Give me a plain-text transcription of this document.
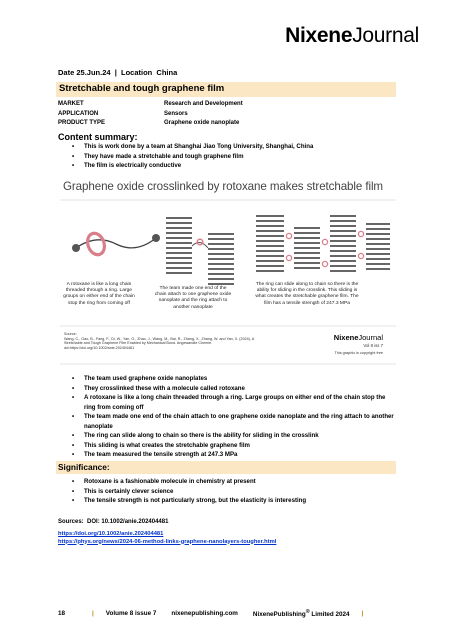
NixeneJournal
Date 25.Jun.24 | Location China
Stretchable and tough graphene film
MARKET	Research and Development
APPLICATION	Sensors
PRODUCT TYPE	Graphene oxide nanoplate
Content summary:
• This is work done by a team at Shanghai Jiao Tong University, Shanghai, China
• They have made a stretchable and tough graphene film
• The film is electrically conductive
Graphene oxide crosslinked by rotoxane makes stretchable film
A rotoxane is like a long chain threaded through a ring. Large groups on either end of the chain stop the ring from coming off
The team made one end of the chain attach to one graphene oxide nanoplate and the ring attach to another nanoplate
The ring can slide along to chain so there is the ability for sliding in the crosslink. This sliding is what creates the stretchable graphene film. The film has a tensile strength of 247.3 MPa
Source:
Wang, C., Gao, B., Fang, F., Di, W., Yan, G., Zhao, J., Wang, M., Bai, R., Zhang, X., Zhang, W. and Yan, X. (2024). A Stretchable and Tough Graphene Film Enabled by Mechanical Bond. Angewandte Chemie. doi:https://doi.org/10.1002/anie.202404481
NixeneJournal
Vol 8 iss 7
This graphic is copyright free
• The team used graphene oxide nanoplates
• They crosslinked these with a molecule called rotoxane
• A rotoxane is like a long chain threaded through a ring. Large groups on either end of the chain stop the ring from coming off
• The team made one end of the chain attach to one graphene oxide nanoplate and the ring attach to another nanoplate
• The ring can slide along to chain so there is the ability for sliding in the crosslink
• This sliding is what creates the stretchable graphene film
• The team measured the tensile strength at 247.3 MPa
Significance:
• Rotoxane is a fashionable molecule in chemistry at present
• This is certainly clever science
• The tensile strength is not particularly strong, but the elasticity is interesting
Sources: DOI: 10.1002/anie.202404481
https://doi.org/10.1002/anie.202404481
https://phys.org/news/2024-06-method-links-graphene-nanolayers-tougher.html
18	| Volume 8 issue 7 nixenepublishing.com NixenePublishing® Limited 2024 |
